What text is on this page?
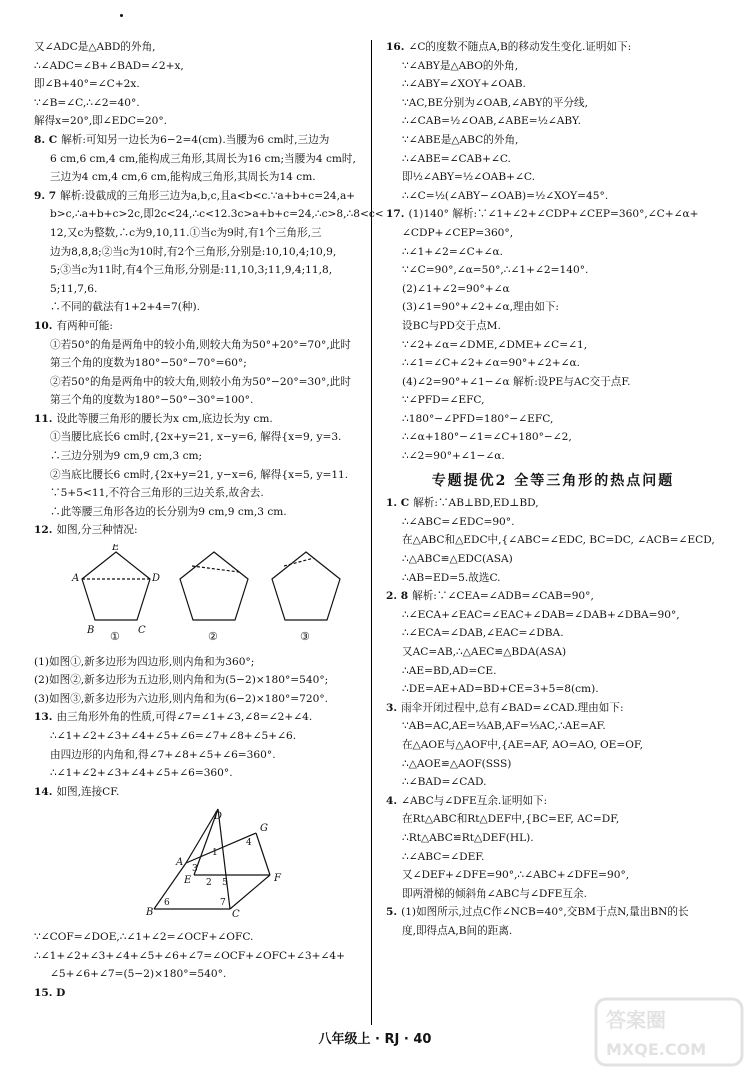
又∠ADC是△ABD的外角,
∴∠ADC=∠B+∠BAD=∠2+x,
即∠B+40°=∠C+2x.
∵∠B=∠C,∴∠2=40°.
解得x=20°,即∠EDC=20°.
8. C 解析:可知另一边长为6−2=4(cm).当腰为6 cm时,三边为
6 cm,6 cm,4 cm,能构成三角形,其周长为16 cm;当腰为4 cm时,
三边为4 cm,4 cm,6 cm,能构成三角形,其周长为14 cm.
9. 7 解析:设截成的三角形三边为a,b,c,且a<b<c.∵a+b+c=24,a+
b>c,∴a+b+c>2c,即2c<24,∴c<12.3c>a+b+c=24,∴c>8,∴8<c<
12,又c为整数,∴c为9,10,11.①当c为9时,有1个三角形,三
边为8,8,8;②当c为10时,有2个三角形,分别是:10,10,4;10,9,
5;③当c为11时,有4个三角形,分别是:11,10,3;11,9,4;11,8,
5;11,7,6.
∴不同的截法有1+2+4=7(种).
10. 有两种可能:
①若50°的角是两角中的较小角,则较大角为50°+20°=70°,此时
第三个角的度数为180°−50°−70°=60°;
②若50°的角是两角中的较大角,则较小角为50°−20°=30°,此时
第三个角的度数为180°−50°−30°=100°.
11. 设此等腰三角形的腰长为x cm,底边长为y cm.
①当腰比底长6 cm时,{2x+y=21, x−y=6, 解得{x=9, y=3.
∴三边分别为9 cm,9 cm,3 cm;
②当底比腰长6 cm时,{2x+y=21, y−x=6, 解得{x=5, y=11.
∵5+5<11,不符合三角形的三边关系,故舍去.
∴此等腰三角形各边的长分别为9 cm,9 cm,3 cm.
12. 如图,分三种情况:
E
D
C
B
A
①	②	③
(1)如图①,新多边形为四边形,则内角和为360°;
(2)如图②,新多边形为五边形,则内角和为(5−2)×180°=540°;
(3)如图③,新多边形为六边形,则内角和为(6−2)×180°=720°.
13. 由三角形外角的性质,可得∠7=∠1+∠3,∠8=∠2+∠4.
∴∠1+∠2+∠3+∠4+∠5+∠6=∠7+∠8+∠5+∠6.
由四边形的内角和,得∠7+∠8+∠5+∠6=360°.
∴∠1+∠2+∠3+∠4+∠5+∠6=360°.
14. 如图,连接CF.
D
A
E
B	C
F
G
1
2
3
4
5
6	7
∵∠COF=∠DOE,∴∠1+∠2=∠OCF+∠OFC.
∴∠1+∠2+∠3+∠4+∠5+∠6+∠7=∠OCF+∠OFC+∠3+∠4+
∠5+∠6+∠7=(5−2)×180°=540°.
15. D
16. ∠C的度数不随点A,B的移动发生变化.证明如下:
∵∠ABY是△ABO的外角,
∴∠ABY=∠XOY+∠OAB.
∵AC,BE分别为∠OAB,∠ABY的平分线,
∴∠CAB=½∠OAB,∠ABE=½∠ABY.
∵∠ABE是△ABC的外角,
∴∠ABE=∠CAB+∠C.
即½∠ABY=½∠OAB+∠C.
∴∠C=½(∠ABY−∠OAB)=½∠XOY=45°.
17. (1)140° 解析:∵∠1+∠2+∠CDP+∠CEP=360°,∠C+∠α+
∠CDP+∠CEP=360°,
∴∠1+∠2=∠C+∠α.
∵∠C=90°,∠α=50°,∴∠1+∠2=140°.
(2)∠1+∠2=90°+∠α
(3)∠1=90°+∠2+∠α,理由如下:
设BC与PD交于点M.
∵∠2+∠α=∠DME,∠DME+∠C=∠1,
∴∠1=∠C+∠2+∠α=90°+∠2+∠α.
(4)∠2=90°+∠1−∠α 解析:设PE与AC交于点F.
∵∠PFD=∠EFC,
∴180°−∠PFD=180°−∠EFC,
∴∠α+180°−∠1=∠C+180°−∠2,
∴∠2=90°+∠1−∠α.
专题提优2 全等三角形的热点问题
1. C 解析:∵AB⊥BD,ED⊥BD,
∴∠ABC=∠EDC=90°.
在△ABC和△EDC中,{∠ABC=∠EDC, BC=DC, ∠ACB=∠ECD,
∴△ABC≌△EDC(ASA)
∴AB=ED=5.故选C.
2. 8 解析:∵∠CEA=∠ADB=∠CAB=90°,
∴∠ECA+∠EAC=∠EAC+∠DAB=∠DAB+∠DBA=90°,
∴∠ECA=∠DAB,∠EAC=∠DBA.
又AC=AB,∴△AEC≌△BDA(ASA)
∴AE=BD,AD=CE.
∴DE=AE+AD=BD+CE=3+5=8(cm).
3. 雨伞开闭过程中,总有∠BAD=∠CAD.理由如下:
∵AB=AC,AE=⅓AB,AF=⅓AC,∴AE=AF.
在△AOE与△AOF中,{AE=AF, AO=AO, OE=OF,
∴△AOE≌△AOF(SSS)
∴∠BAD=∠CAD.
4. ∠ABC与∠DFE互余.证明如下:
在Rt△ABC和Rt△DEF中,{BC=EF, AC=DF,
∴Rt△ABC≌Rt△DEF(HL).
∴∠ABC=∠DEF.
又∠DEF+∠DFE=90°,∴∠ABC+∠DFE=90°,
即两滑梯的倾斜角∠ABC与∠DFE互余.
5. (1)如图所示,过点C作∠NCB=40°,交BM于点N,量出BN的长
度,即得点A,B间的距离.
八年级上 · RJ · 40
答案圈
MXQE.COM
